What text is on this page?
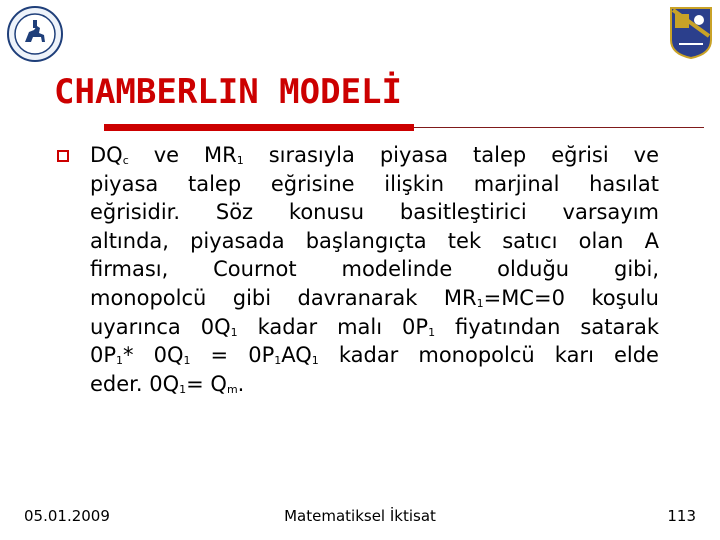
CHAMBERLIN MODELİ

$DQ_c$ ve $MR_1$ sırasıyla piyasa talep eğrisi ve
piyasa talep eğrisine ilişkin marjinal hasılat
eğrisidir. Söz konusu basitleştirici varsayım
altında, piyasada başlangıçta tek satıcı olan A
firması, Cournot modelinde olduğu gibi,
monopolcü gibi davranarak $MR_1=MC=0$ koşulu
uyarınca $0Q_1$ kadar malı $0P_1$ fiyatından satarak
$0P_1*$ $0Q_1 = 0P_1AQ_1$ kadar monopolcü karı elde
eder. $0Q_1= Q_m$.

05.01.2009	Matematiksel İktisat	113
